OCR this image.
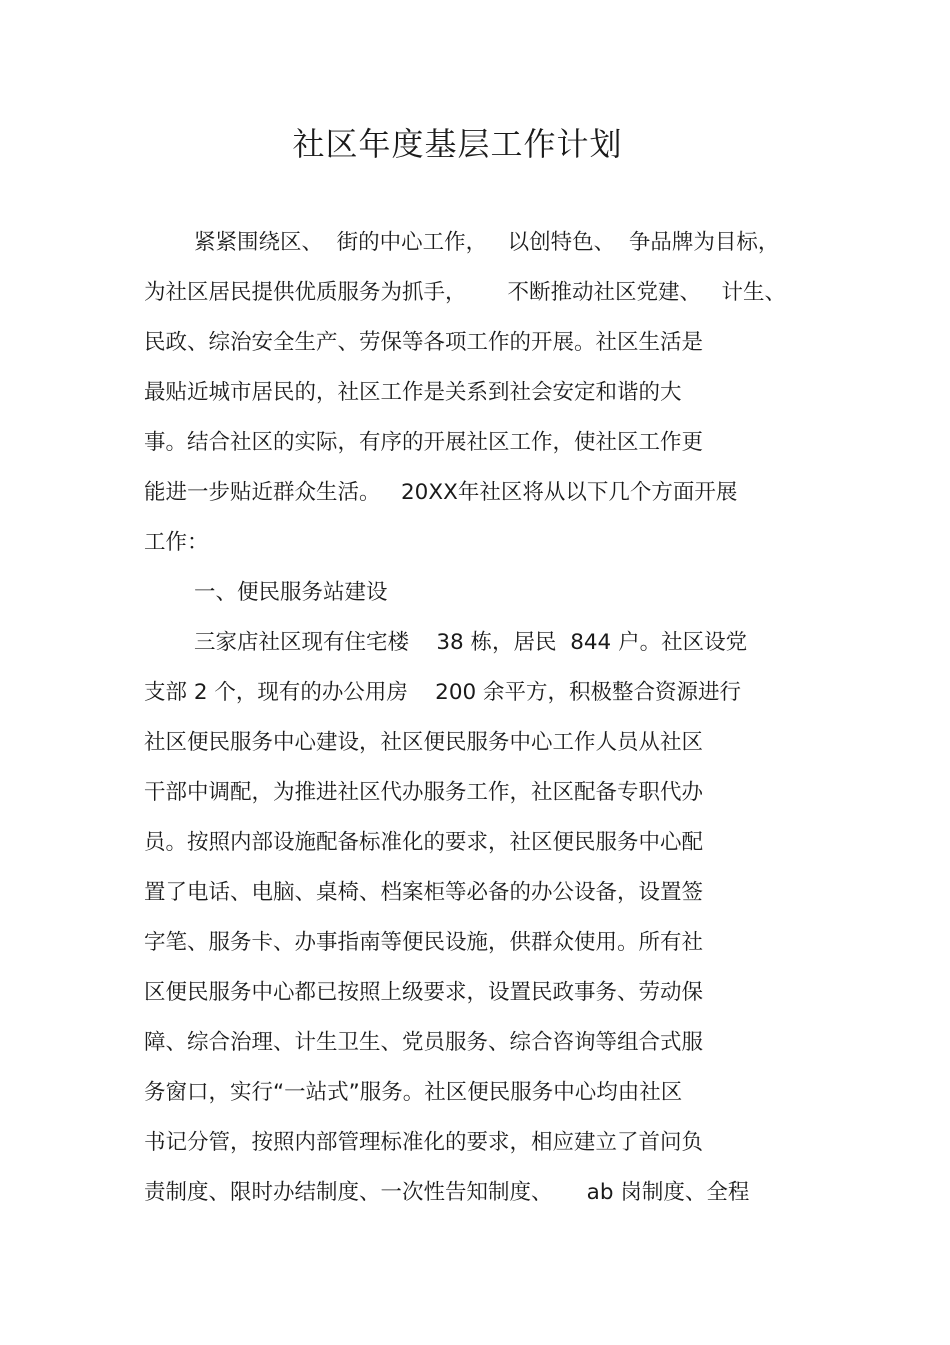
社区年度基层工作计划

紧紧围绕区、  街的中心工作，   以创特色、  争品牌为目标，

为社区居民提供优质服务为抓手，      不断推动社区党建、   计生、

民政、综治安全生产、劳保等各项工作的开展。社区生活是

最贴近城市居民的，社区工作是关系到社会安定和谐的大

事。结合社区的实际，有序的开展社区工作，使社区工作更

能进一步贴近群众生活。   20XX年社区将从以下几个方面开展

工作：

一、便民服务站建设

三家店社区现有住宅楼    38 栋，居民  844 户。社区设党

支部 2 个，现有的办公用房    200 余平方，积极整合资源进行

社区便民服务中心建设，社区便民服务中心工作人员从社区

干部中调配，为推进社区代办服务工作，社区配备专职代办

员。按照内部设施配备标准化的要求，社区便民服务中心配

置了电话、电脑、桌椅、档案柜等必备的办公设备，设置签

字笔、服务卡、办事指南等便民设施，供群众使用。所有社

区便民服务中心都已按照上级要求，设置民政事务、劳动保

障、综合治理、计生卫生、党员服务、综合咨询等组合式服

务窗口，实行“一站式”服务。社区便民服务中心均由社区

书记分管，按照内部管理标准化的要求，相应建立了首问负

责制度、限时办结制度、一次性告知制度、     ab 岗制度、全程
